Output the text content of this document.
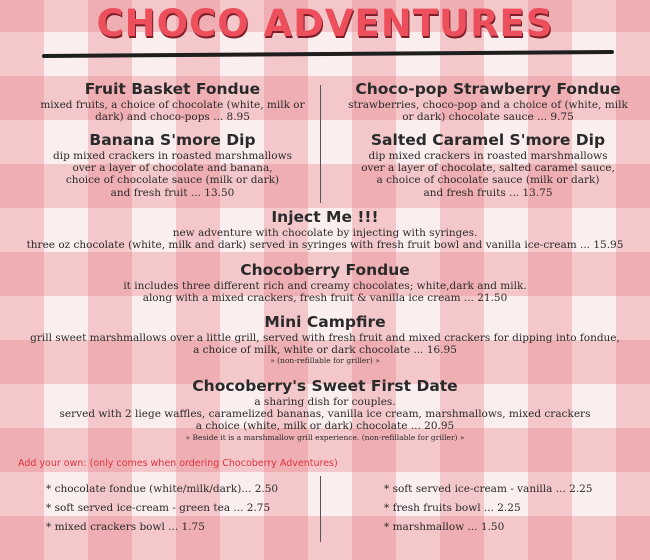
CHOCO ADVENTURES
Fruit Basket Fondue

mixed fruits, a choice of chocolate (white, milk or

dark) and choco-pops ... 8.95

Choco-pop Strawberry Fondue

strawberries, choco-pop and a choice of (white, milk

or dark) chocolate sauce ... 9.75

Banana S'more Dip

dip mixed crackers in roasted marshmallows

over a layer of chocolate and banana,

choice of chocolate sauce (milk or dark)

and fresh fruit ... 13.50

Salted Caramel S'more Dip

dip mixed crackers in roasted marshmallows

over a layer of chocolate, salted caramel sauce,

a choice of chocolate sauce (milk or dark)

and fresh fruits ... 13.75

Inject Me !!!

new adventure with chocolate by injecting with syringes.

three oz chocolate (white, milk and dark) served in syringes with fresh fruit bowl and vanilla ice-cream ... 15.95

Chocoberry Fondue

it includes three different rich and creamy chocolates; white,dark and milk.

along with a mixed crackers, fresh fruit & vanilla ice cream ... 21.50

Mini Campfire

grill sweet marshmallows over a little grill, served with fresh fruit and mixed crackers for dipping into fondue,

a choice of milk, white or dark chocolate ... 16.95

» (non-refillable for griller) »

Chocoberry's Sweet First Date

a sharing dish for couples.

served with 2 liege waffles, caramelized bananas, vanilla ice cream, marshmallows, mixed crackers

a choice (white, milk or dark) chocolate ... 20.95

» Beside it is a marshmallow grill experience. (non-refillable for griller) »

Add your own: (only comes when ordering Chocoberry Adventures)
* chocolate fondue (white/milk/dark)... 2.50
* soft served ice-cream - green tea ... 2.75
* mixed crackers bowl ... 1.75
* soft served ice-cream - vanilla ... 2.25
* fresh fruits bowl ... 2.25
* marshmallow ... 1.50
